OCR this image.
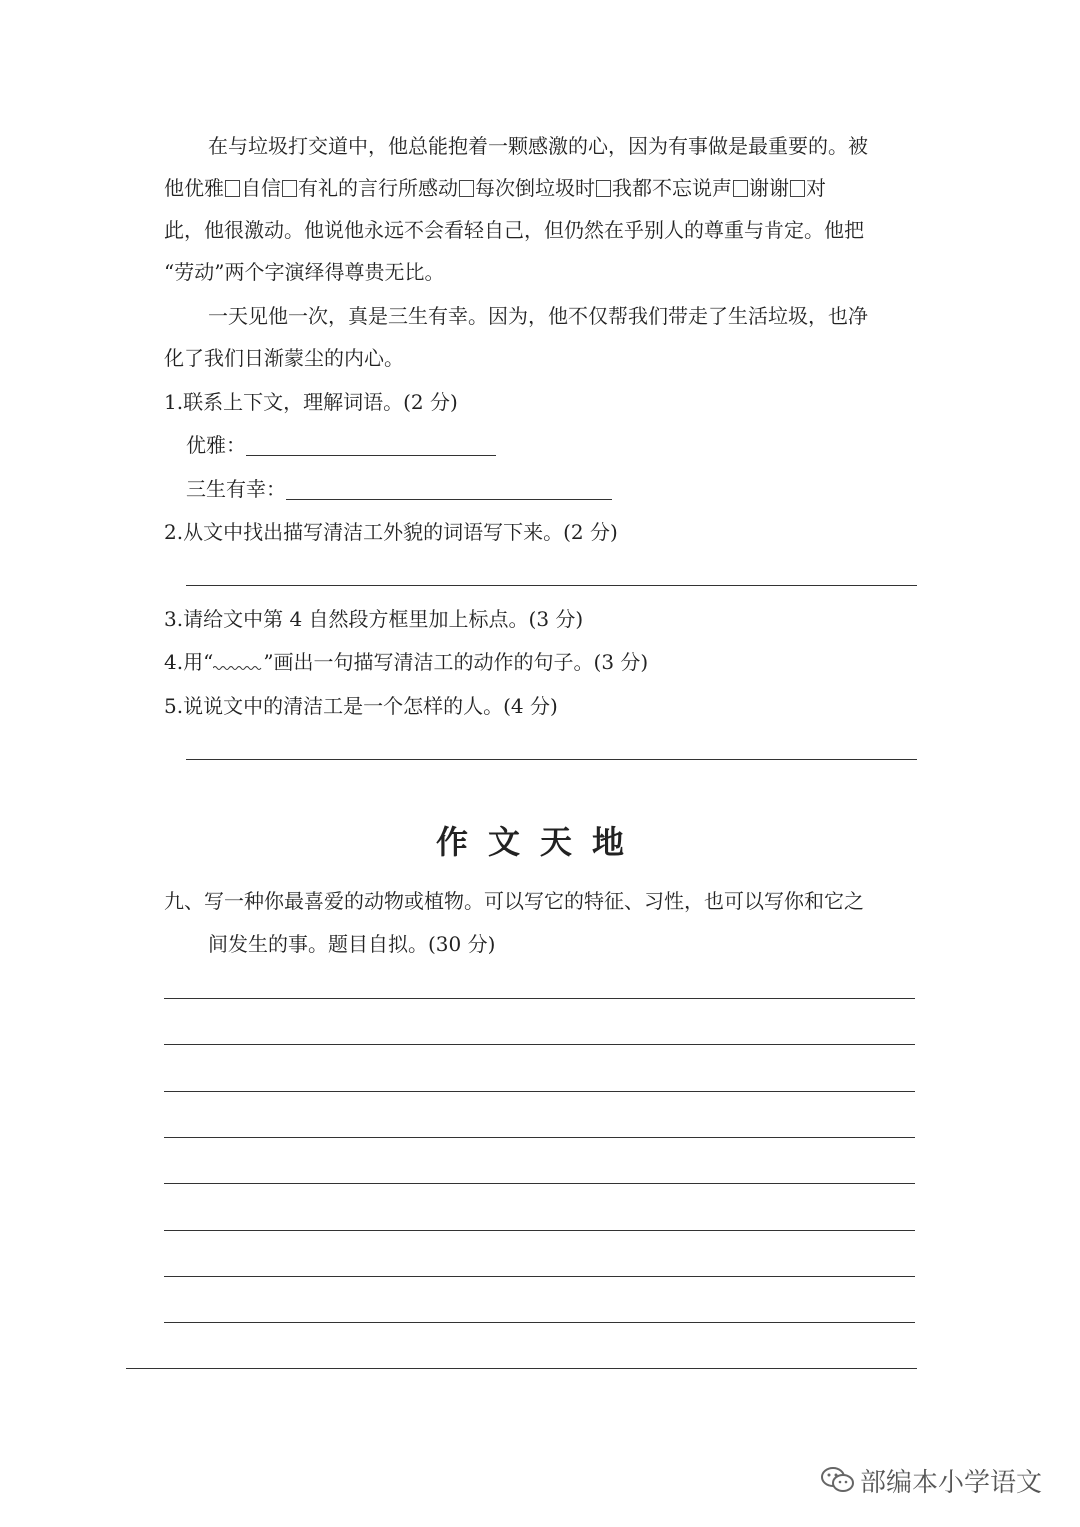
在与垃圾打交道中，他总能抱着一颗感激的心，因为有事做是最重要的。被
他优雅 自信 有礼的言行所感动 每次倒垃圾时 我都不忘说声 谢谢 对
此，他很激动。他说他永远不会看轻自己，但仍然在乎别人的尊重与肯定。他把
“劳动”两个字演绎得尊贵无比。
一天见他一次，真是三生有幸。因为，他不仅帮我们带走了生活垃圾，也净
化了我们日渐蒙尘的内心。
1.联系上下文，理解词语。(2 分)
优雅：
三生有幸：
2.从文中找出描写清洁工外貌的词语写下来。(2 分)
3.请给文中第 4 自然段方框里加上标点。(3 分)
4.用“	”画出一句描写清洁工的动作的句子。(3 分)
5.说说文中的清洁工是一个怎样的人。(4 分)
作文天地
九、写一种你最喜爱的动物或植物。可以写它的特征、习性，也可以写你和它之
间发生的事。题目自拟。(30 分)
部编本小学语文
